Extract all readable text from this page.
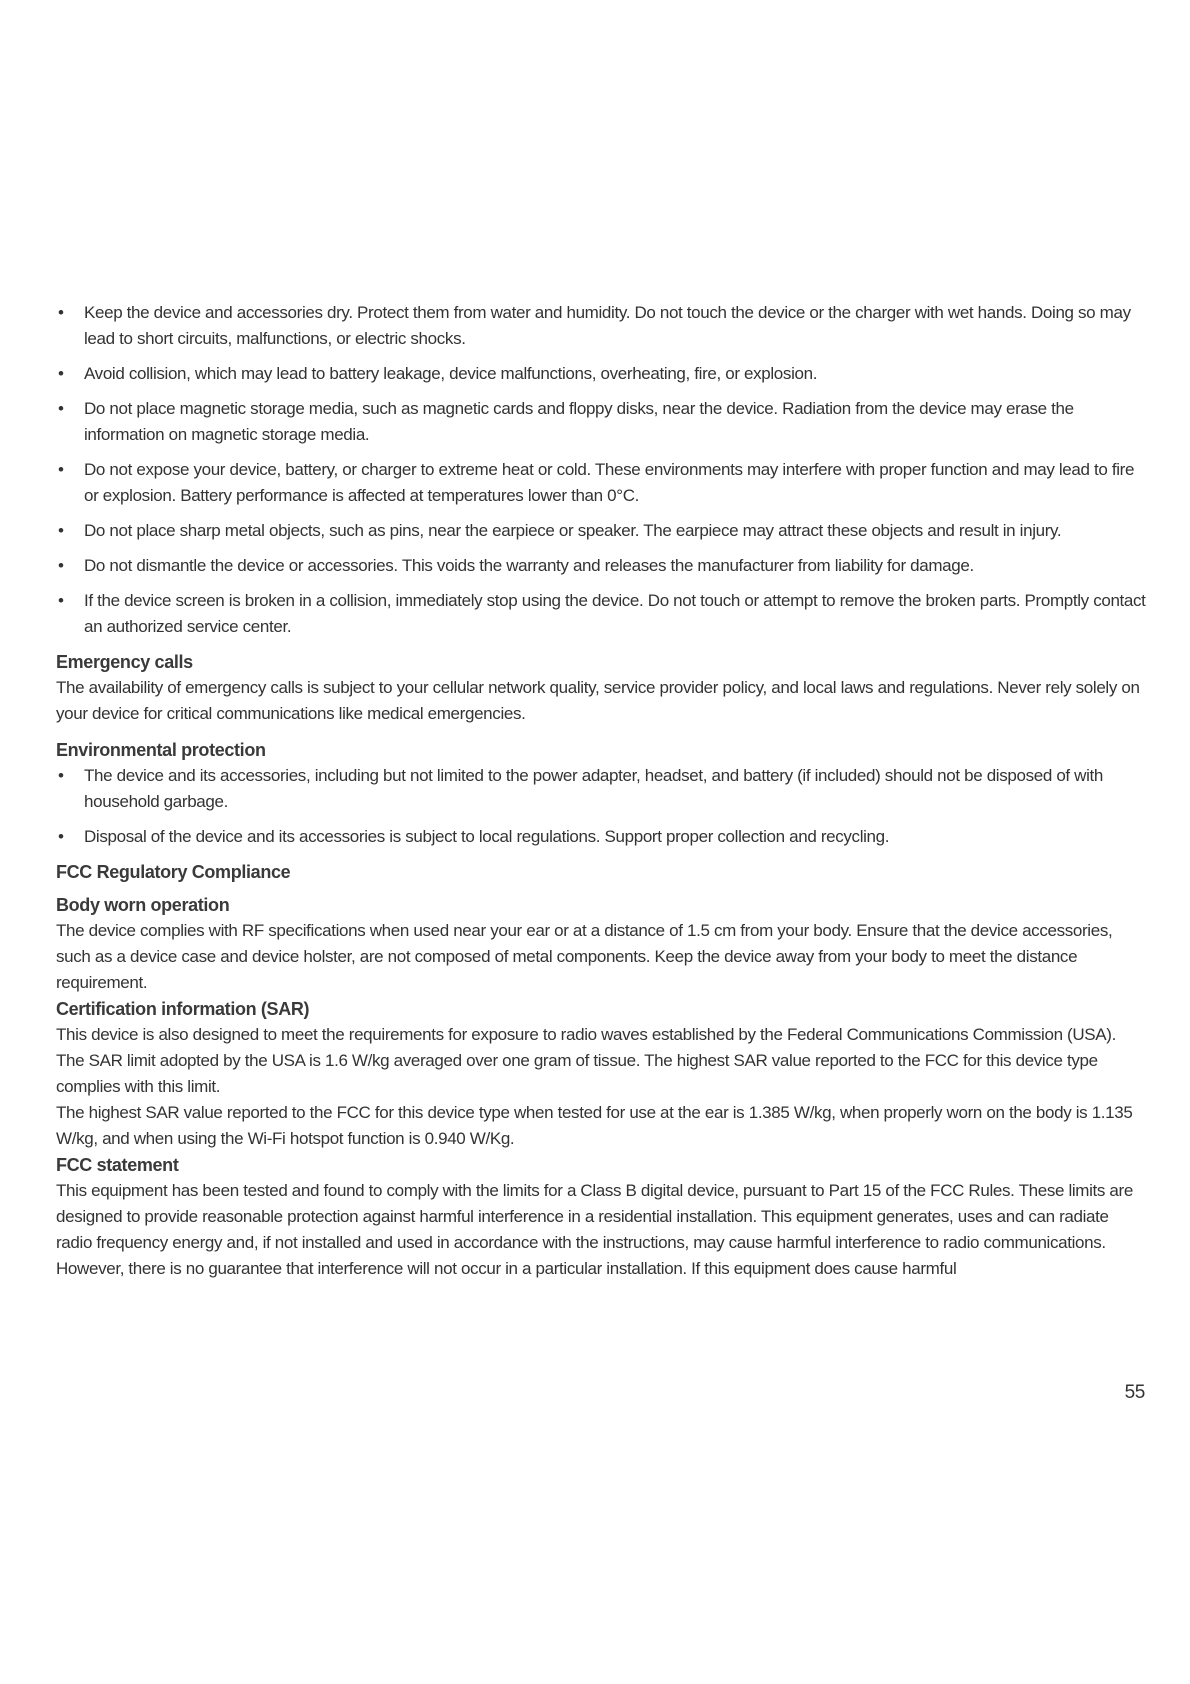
• Keep the device and accessories dry. Protect them from water and humidity. Do not touch the device or the charger with wet hands. Doing so may lead to short circuits, malfunctions, or electric shocks.
• Avoid collision, which may lead to battery leakage, device malfunctions, overheating, fire, or explosion.
• Do not place magnetic storage media, such as magnetic cards and floppy disks, near the device. Radiation from the device may erase the information on magnetic storage media.
• Do not expose your device, battery, or charger to extreme heat or cold. These environments may interfere with proper function and may lead to fire or explosion. Battery performance is affected at temperatures lower than 0°C.
• Do not place sharp metal objects, such as pins, near the earpiece or speaker. The earpiece may attract these objects and result in injury.
• Do not dismantle the device or accessories. This voids the warranty and releases the manufacturer from liability for damage.
• If the device screen is broken in a collision, immediately stop using the device. Do not touch or attempt to remove the broken parts. Promptly contact an authorized service center.
Emergency calls

The availability of emergency calls is subject to your cellular network quality, service provider policy, and local laws and regulations. Never rely solely on your device for critical communications like medical emergencies.

Environmental protection
• The device and its accessories, including but not limited to the power adapter, headset, and battery (if included) should not be disposed of with household garbage.
• Disposal of the device and its accessories is subject to local regulations. Support proper collection and recycling.
FCC Regulatory Compliance
Body worn operation

The device complies with RF specifications when used near your ear or at a distance of 1.5 cm from your body. Ensure that the device accessories, such as a device case and device holster, are not composed of metal components. Keep the device away from your body to meet the distance requirement.

Certification information (SAR)

This device is also designed to meet the requirements for exposure to radio waves established by the Federal Communications Commission (USA). The SAR limit adopted by the USA is 1.6 W/kg averaged over one gram of tissue. The highest SAR value reported to the FCC for this device type complies with this limit.

The highest SAR value reported to the FCC for this device type when tested for use at the ear is 1.385 W/kg, when properly worn on the body is 1.135 W/kg, and when using the Wi-Fi hotspot function is 0.940 W/Kg.

FCC statement

This equipment has been tested and found to comply with the limits for a Class B digital device, pursuant to Part 15 of the FCC Rules. These limits are designed to provide reasonable protection against harmful interference in a residential installation. This equipment generates, uses and can radiate radio frequency energy and, if not installed and used in accordance with the instructions, may cause harmful interference to radio communications. However, there is no guarantee that interference will not occur in a particular installation. If this equipment does cause harmful

55
